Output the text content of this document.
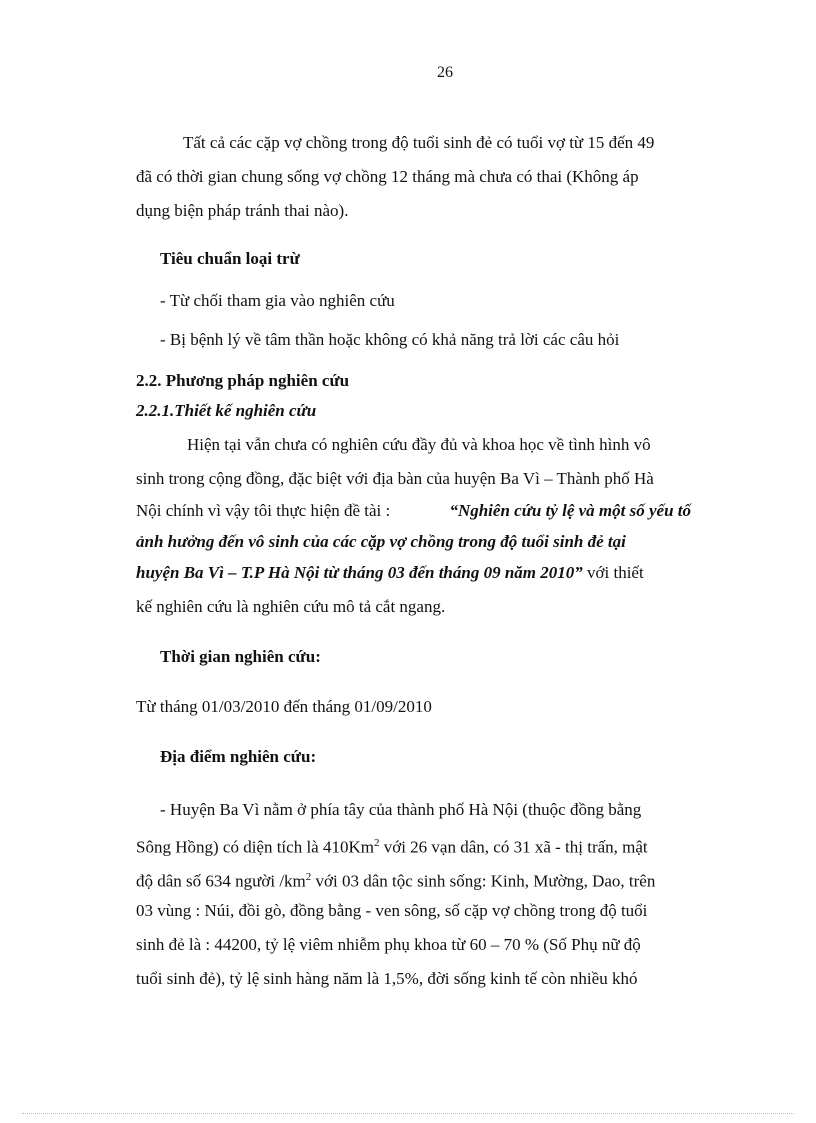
26
Tất cả các cặp vợ chồng trong độ tuổi sinh đẻ có tuổi vợ từ 15 đến 49
đã có thời gian chung sống vợ chồng 12 tháng mà chưa có thai (Không áp
dụng biện pháp tránh thai nào).
Tiêu chuẩn loại trừ
- Từ chối tham gia vào nghiên cứu
- Bị bệnh lý về tâm thần hoặc không có khả năng trả lời các câu hỏi
2.2. Phương pháp nghiên cứu
2.2.1.Thiết kế nghiên cứu
Hiện tại vẫn chưa có nghiên cứu đầy đủ và khoa học về tình hình vô
sinh trong cộng đồng, đặc biệt với địa bàn của huyện Ba Vì – Thành phố Hà
Nội chính vì vậy tôi thực hiện đề tài :	“Nghiên cứu tỷ lệ và một số yếu tố
ảnh hưởng đến vô sinh của các cặp vợ chồng trong độ tuổi sinh đẻ tại
huyện Ba Vì – T.P Hà Nội từ tháng 03 đến tháng 09 năm 2010” với thiết
kế nghiên cứu là nghiên cứu mô tả cắt ngang.
Thời gian nghiên cứu:
Từ tháng 01/03/2010 đến tháng 01/09/2010
Địa điểm nghiên cứu:
- Huyện Ba Vì nằm ở phía tây của thành phố Hà Nội (thuộc đồng bằng
Sông Hồng) có diện tích là 410Km$^2$ với 26 vạn dân, có 31 xã - thị trấn, mật
độ dân số 634 người $/km^2$ với 03 dân tộc sinh sống: Kinh, Mường, Dao, trên
03 vùng : Núi, đồi gò, đồng bằng - ven sông, số cặp vợ chồng trong độ tuổi
sinh đẻ là : 44200, tỷ lệ viêm nhiễm phụ khoa từ 60 – 70 % (Số Phụ nữ độ
tuổi sinh đẻ), tỷ lệ sinh hàng năm là 1,5%, đời sống kinh tế còn nhiều khó
